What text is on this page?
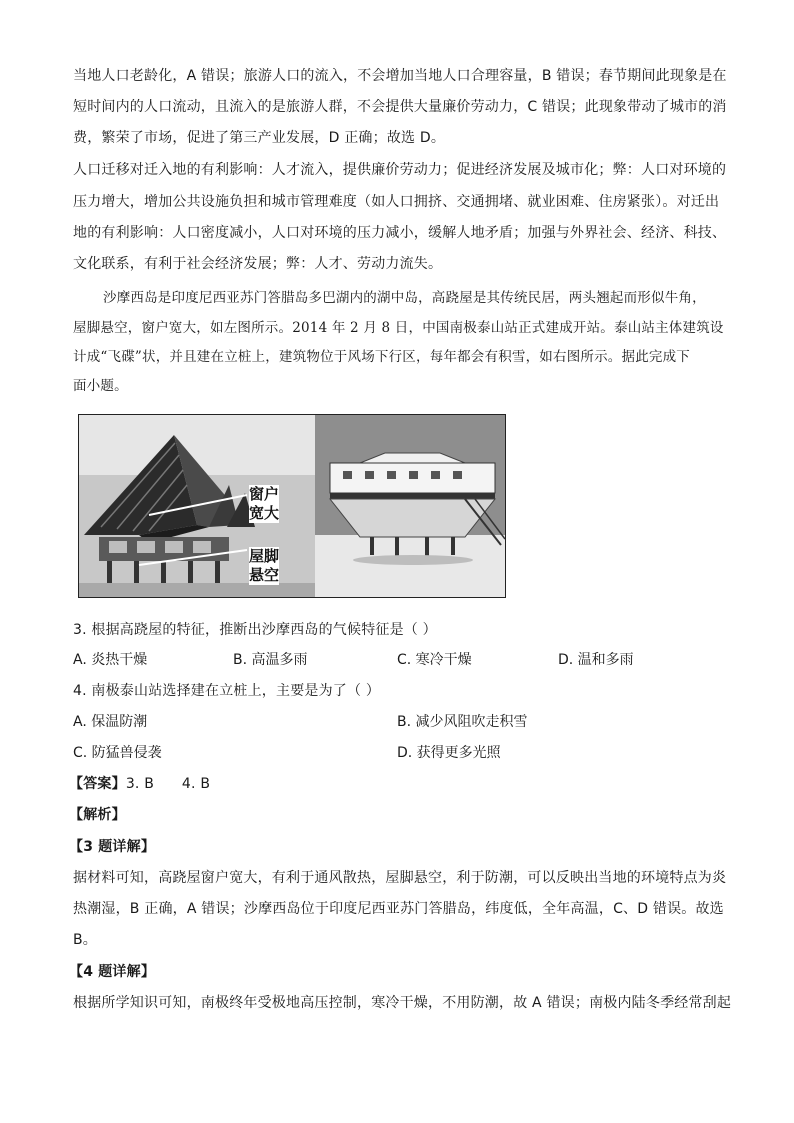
当地人口老龄化，A 错误；旅游人口的流入，不会增加当地人口合理容量，B 错误；春节期间此现象是在
短时间内的人口流动，且流入的是旅游人群，不会提供大量廉价劳动力，C 错误；此现象带动了城市的消
费，繁荣了市场，促进了第三产业发展，D 正确；故选 D。
人口迁移对迁入地的有利影响：人才流入，提供廉价劳动力；促进经济发展及城市化；弊：人口对环境的
压力增大，增加公共设施负担和城市管理难度（如人口拥挤、交通拥堵、就业困难、住房紧张）。对迁出
地的有利影响：人口密度减小，人口对环境的压力减小，缓解人地矛盾；加强与外界社会、经济、科技、
文化联系，有利于社会经济发展；弊：人才、劳动力流失。
沙摩西岛是印度尼西亚苏门答腊岛多巴湖内的湖中岛，高跷屋是其传统民居，两头翘起而形似牛角，
屋脚悬空，窗户宽大，如左图所示。2014 年 2 月 8 日，中国南极泰山站正式建成开站。泰山站主体建筑设
计成“飞碟”状，并且建在立桩上，建筑物位于风场下行区，每年都会有积雪，如右图所示。据此完成下
面小题。
窗户
宽大
屋脚
悬空
3. 根据高跷屋的特征，推断出沙摩西岛的气候特征是（ ）
A. 炎热干燥	B. 高温多雨	C. 寒冷干燥	D. 温和多雨
4. 南极泰山站选择建在立桩上，主要是为了（ ）
A. 保温防潮	B. 减少风阻吹走积雪
C. 防猛兽侵袭	D. 获得更多光照
【答案】3. B      4. B
【解析】
【3 题详解】
据材料可知，高跷屋窗户宽大，有利于通风散热，屋脚悬空，利于防潮，可以反映出当地的环境特点为炎
热潮湿，B 正确，A 错误；沙摩西岛位于印度尼西亚苏门答腊岛，纬度低，全年高温，C、D 错误。故选
B。
【4 题详解】
根据所学知识可知，南极终年受极地高压控制，寒冷干燥，不用防潮，故 A 错误；南极内陆冬季经常刮起
